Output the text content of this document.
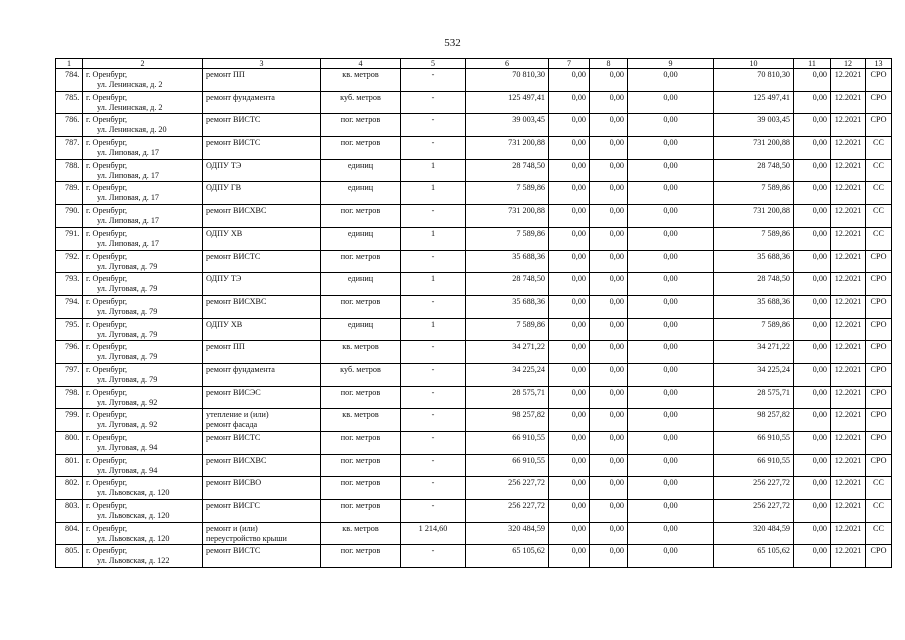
532
1	2	3	4	5	6	7	8	9	10	11	12	13
784.	г. Оренбург,
ул. Ленинская, д. 2	ремонт ПП	кв. метров	-	70 810,30	0,00	0,00	0,00	70 810,30	0,00	12.2021	СРО
785.	г. Оренбург,
ул. Ленинская, д. 2	ремонт фундамента	куб. метров	-	125 497,41	0,00	0,00	0,00	125 497,41	0,00	12.2021	СРО
786.	г. Оренбург,
ул. Ленинская, д. 20	ремонт ВИСТС	пог. метров	-	39 003,45	0,00	0,00	0,00	39 003,45	0,00	12.2021	СРО
787.	г. Оренбург,
ул. Липовая, д. 17	ремонт ВИСТС	пог. метров	-	731 200,88	0,00	0,00	0,00	731 200,88	0,00	12.2021	СС
788.	г. Оренбург,
ул. Липовая, д. 17	ОДПУ ТЭ	единиц	1	28 748,50	0,00	0,00	0,00	28 748,50	0,00	12.2021	СС
789.	г. Оренбург,
ул. Липовая, д. 17	ОДПУ ГВ	единиц	1	7 589,86	0,00	0,00	0,00	7 589,86	0,00	12.2021	СС
790.	г. Оренбург,
ул. Липовая, д. 17	ремонт ВИСХВС	пог. метров	-	731 200,88	0,00	0,00	0,00	731 200,88	0,00	12.2021	СС
791.	г. Оренбург,
ул. Липовая, д. 17	ОДПУ ХВ	единиц	1	7 589,86	0,00	0,00	0,00	7 589,86	0,00	12.2021	СС
792.	г. Оренбург,
ул. Луговая, д. 79	ремонт ВИСТС	пог. метров	-	35 688,36	0,00	0,00	0,00	35 688,36	0,00	12.2021	СРО
793.	г. Оренбург,
ул. Луговая, д. 79	ОДПУ ТЭ	единиц	1	28 748,50	0,00	0,00	0,00	28 748,50	0,00	12.2021	СРО
794.	г. Оренбург,
ул. Луговая, д. 79	ремонт ВИСХВС	пог. метров	-	35 688,36	0,00	0,00	0,00	35 688,36	0,00	12.2021	СРО
795.	г. Оренбург,
ул. Луговая, д. 79	ОДПУ ХВ	единиц	1	7 589,86	0,00	0,00	0,00	7 589,86	0,00	12.2021	СРО
796.	г. Оренбург,
ул. Луговая, д. 79	ремонт ПП	кв. метров	-	34 271,22	0,00	0,00	0,00	34 271,22	0,00	12.2021	СРО
797.	г. Оренбург,
ул. Луговая, д. 79	ремонт фундамента	куб. метров	-	34 225,24	0,00	0,00	0,00	34 225,24	0,00	12.2021	СРО
798.	г. Оренбург,
ул. Луговая, д. 92	ремонт ВИСЭС	пог. метров	-	28 575,71	0,00	0,00	0,00	28 575,71	0,00	12.2021	СРО
799.	г. Оренбург,
ул. Луговая, д. 92	утепление и (или)
ремонт фасада	кв. метров	-	98 257,82	0,00	0,00	0,00	98 257,82	0,00	12.2021	СРО
800.	г. Оренбург,
ул. Луговая, д. 94	ремонт ВИСТС	пог. метров	-	66 910,55	0,00	0,00	0,00	66 910,55	0,00	12.2021	СРО
801.	г. Оренбург,
ул. Луговая, д. 94	ремонт ВИСХВС	пог. метров	-	66 910,55	0,00	0,00	0,00	66 910,55	0,00	12.2021	СРО
802.	г. Оренбург,
ул. Львовская, д. 120	ремонт ВИСВО	пог. метров	-	256 227,72	0,00	0,00	0,00	256 227,72	0,00	12.2021	СС
803.	г. Оренбург,
ул. Львовская, д. 120	ремонт ВИСГС	пог. метров	-	256 227,72	0,00	0,00	0,00	256 227,72	0,00	12.2021	СС
804.	г. Оренбург,
ул. Львовская, д. 120	ремонт и (или)
переустройство крыши	кв. метров	1 214,60	320 484,59	0,00	0,00	0,00	320 484,59	0,00	12.2021	СС
805.	г. Оренбург,
ул. Львовская, д. 122	ремонт ВИСТС	пог. метров	-	65 105,62	0,00	0,00	0,00	65 105,62	0,00	12.2021	СРО
